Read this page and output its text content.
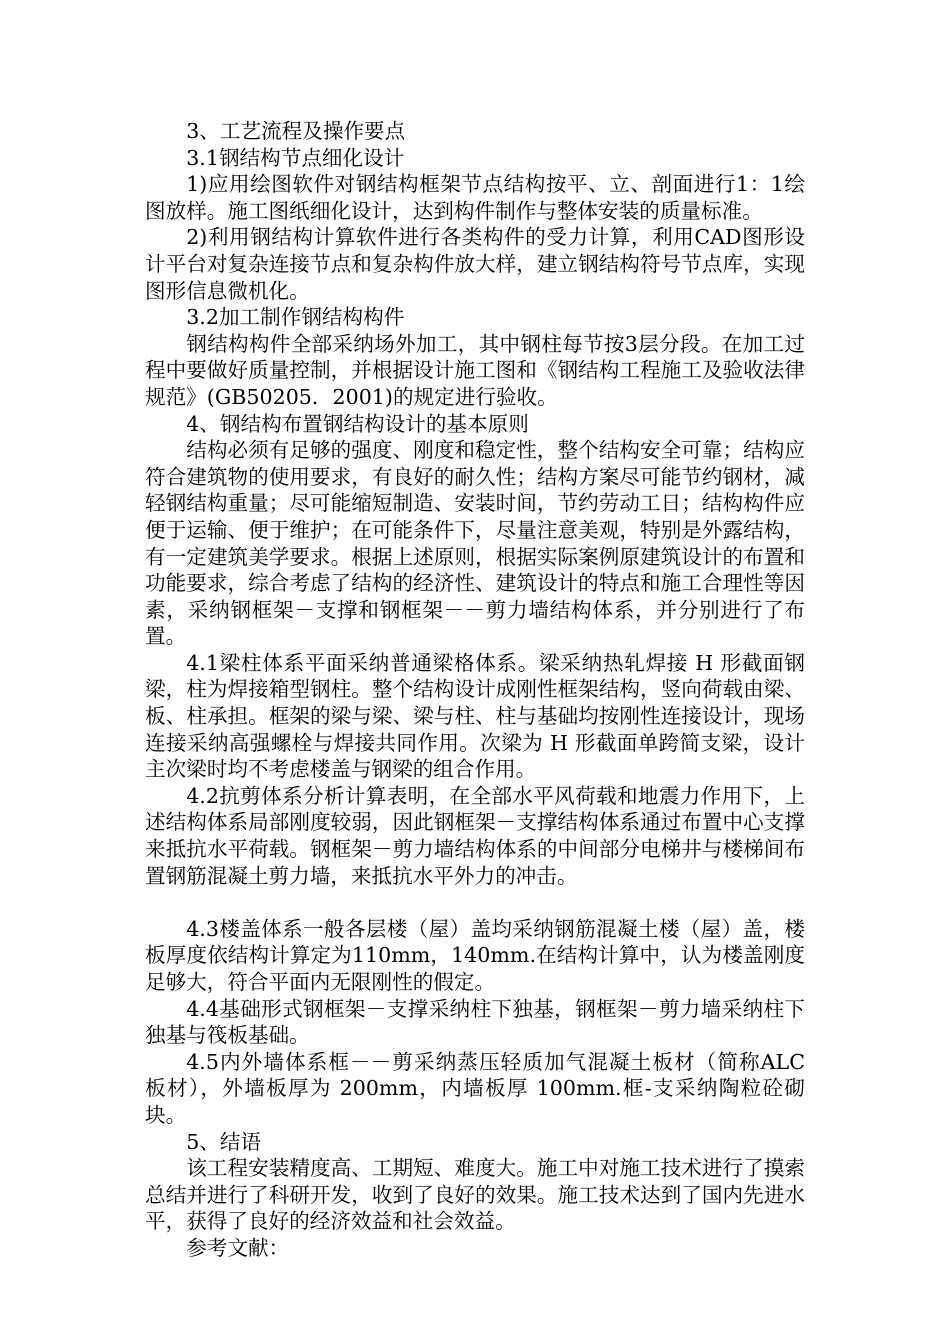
3、工艺流程及操作要点

3.1钢结构节点细化设计

1)应用绘图软件对钢结构框架节点结构按平、立、剖面进行1：1绘图放样。施工图纸细化设计，达到构件制作与整体安装的质量标准。

2)利用钢结构计算软件进行各类构件的受力计算，利用CAD图形设计平台对复杂连接节点和复杂构件放大样，建立钢结构符号节点库，实现图形信息微机化。

3.2加工制作钢结构构件

钢结构构件全部采纳场外加工，其中钢柱每节按3层分段。在加工过程中要做好质量控制，并根据设计施工图和《钢结构工程施工及验收法律规范》(GB50205．2001)的规定进行验收。

4、钢结构布置钢结构设计的基本原则

结构必须有足够的强度、刚度和稳定性，整个结构安全可靠；结构应符合建筑物的使用要求，有良好的耐久性；结构方案尽可能节约钢材，减轻钢结构重量；尽可能缩短制造、安装时间，节约劳动工日；结构构件应便于运输、便于维护；在可能条件下，尽量注意美观，特别是外露结构，有一定建筑美学要求。根据上述原则，根据实际案例原建筑设计的布置和功能要求，综合考虑了结构的经济性、建筑设计的特点和施工合理性等因素，采纳钢框架－支撑和钢框架－－剪力墙结构体系，并分别进行了布置。

4.1梁柱体系平面采纳普通梁格体系。梁采纳热轧焊接 H 形截面钢梁，柱为焊接箱型钢柱。整个结构设计成刚性框架结构，竖向荷载由梁、板、柱承担。框架的梁与梁、梁与柱、柱与基础均按刚性连接设计，现场连接采纳高强螺栓与焊接共同作用。次梁为 H 形截面单跨简支梁，设计主次梁时均不考虑楼盖与钢梁的组合作用。

4.2抗剪体系分析计算表明，在全部水平风荷载和地震力作用下，上述结构体系局部刚度较弱，因此钢框架－支撑结构体系通过布置中心支撑来抵抗水平荷载。钢框架－剪力墙结构体系的中间部分电梯井与楼梯间布置钢筋混凝土剪力墙，来抵抗水平外力的冲击。

4.3楼盖体系一般各层楼（屋）盖均采纳钢筋混凝土楼（屋）盖，楼板厚度依结构计算定为110mm，140mm.在结构计算中，认为楼盖刚度足够大，符合平面内无限刚性的假定。

4.4基础形式钢框架－支撑采纳柱下独基，钢框架－剪力墙采纳柱下独基与筏板基础。

4.5内外墙体系框－－剪采纳蒸压轻质加气混凝土板材（简称ALC 板材），外墙板厚为 200mm，内墙板厚 100mm.框-支采纳陶粒砼砌块。

5、结语

该工程安装精度高、工期短、难度大。施工中对施工技术进行了摸索总结并进行了科研开发，收到了良好的效果。施工技术达到了国内先进水平，获得了良好的经济效益和社会效益。

参考文献：
